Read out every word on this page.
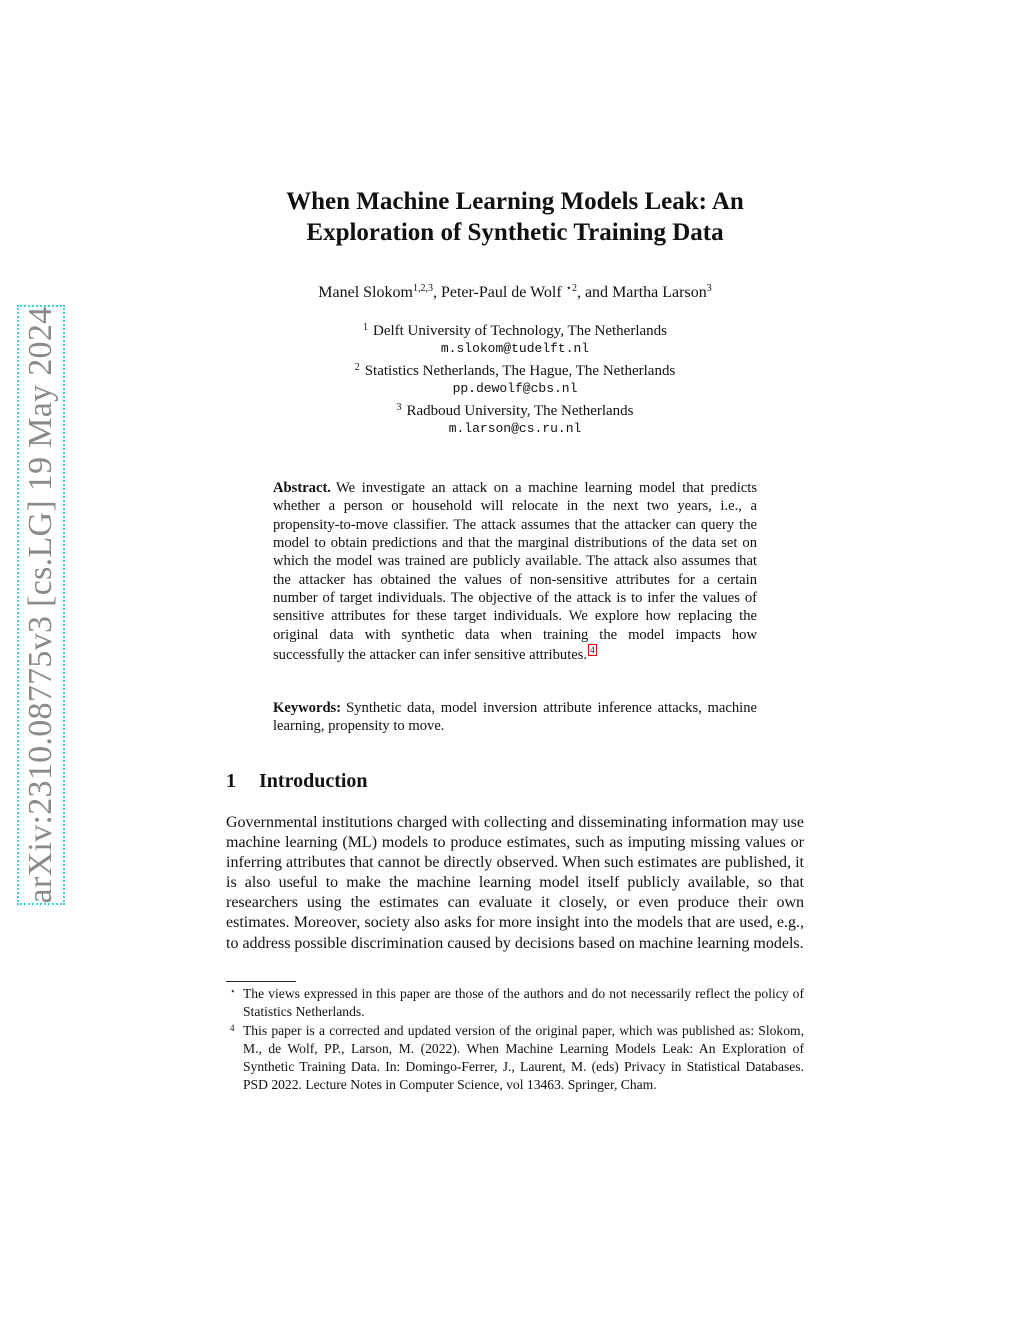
arXiv:2310.08775v3 [cs.LG] 19 May 2024
When Machine Learning Models Leak: An
Exploration of Synthetic Training Data
Manel Slokom$^{1,2,3}$, Peter-Paul de Wolf $^{⋆2}$, and Martha Larson$^3$
$^1$ Delft University of Technology, The Netherlands
m.slokom@tudelft.nl
$^2$ Statistics Netherlands, The Hague, The Netherlands
pp.dewolf@cbs.nl
$^3$ Radboud University, The Netherlands
m.larson@cs.ru.nl
Abstract. We investigate an attack on a machine learning model that predicts whether a person or household will relocate in the next two years, i.e., a propensity-to-move classifier. The attack assumes that the attacker can query the model to obtain predictions and that the marginal distributions of the data set on which the model was trained are publicly available. The attack also assumes that the attacker has obtained the values of non-sensitive attributes for a certain number of target individuals. The objective of the attack is to infer the values of sensitive attributes for these target individuals. We explore how replacing the original data with synthetic data when training the model impacts how successfully the attacker can infer sensitive attributes. 4
Keywords: Synthetic data, model inversion attribute inference attacks, machine learning, propensity to move.
1 Introduction
Governmental institutions charged with collecting and disseminating information may use machine learning (ML) models to produce estimates, such as imputing missing values or inferring attributes that cannot be directly observed. When such estimates are published, it is also useful to make the machine learning model itself publicly available, so that researchers using the estimates can evaluate it closely, or even produce their own estimates. Moreover, society also asks for more insight into the models that are used, e.g., to address possible discrimination caused by decisions based on machine learning models.
⋆ The views expressed in this paper are those of the authors and do not necessarily reflect the policy of Statistics Netherlands.
4 This paper is a corrected and updated version of the original paper, which was published as: Slokom, M., de Wolf, PP., Larson, M. (2022). When Machine Learning Models Leak: An Exploration of Synthetic Training Data. In: Domingo-Ferrer, J., Laurent, M. (eds) Privacy in Statistical Databases. PSD 2022. Lecture Notes in Computer Science, vol 13463. Springer, Cham.
